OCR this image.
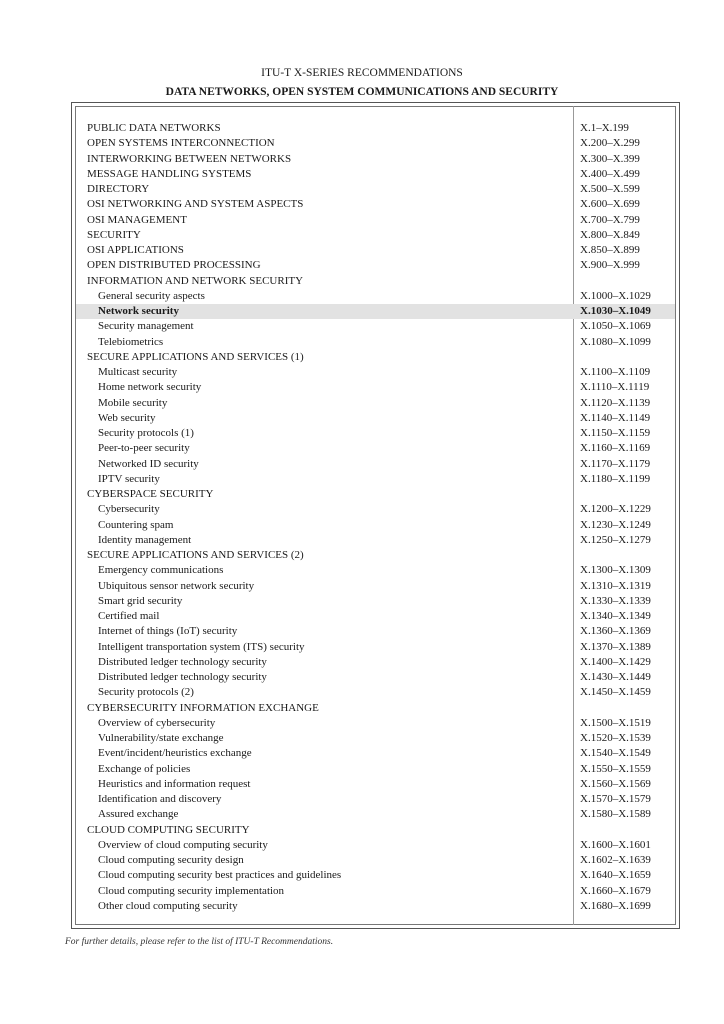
ITU-T X-SERIES RECOMMENDATIONS
DATA NETWORKS, OPEN SYSTEM COMMUNICATIONS AND SECURITY
PUBLIC DATA NETWORKS	X.1–X.199
OPEN SYSTEMS INTERCONNECTION	X.200–X.299
INTERWORKING BETWEEN NETWORKS	X.300–X.399
MESSAGE HANDLING SYSTEMS	X.400–X.499
DIRECTORY	X.500–X.599
OSI NETWORKING AND SYSTEM ASPECTS	X.600–X.699
OSI MANAGEMENT	X.700–X.799
SECURITY	X.800–X.849
OSI APPLICATIONS	X.850–X.899
OPEN DISTRIBUTED PROCESSING	X.900–X.999
INFORMATION AND NETWORK SECURITY
General security aspects	X.1000–X.1029
Network security	X.1030–X.1049
Security management	X.1050–X.1069
Telebiometrics	X.1080–X.1099
SECURE APPLICATIONS AND SERVICES (1)
Multicast security	X.1100–X.1109
Home network security	X.1110–X.1119
Mobile security	X.1120–X.1139
Web security	X.1140–X.1149
Security protocols (1)	X.1150–X.1159
Peer-to-peer security	X.1160–X.1169
Networked ID security	X.1170–X.1179
IPTV security	X.1180–X.1199
CYBERSPACE SECURITY
Cybersecurity	X.1200–X.1229
Countering spam	X.1230–X.1249
Identity management	X.1250–X.1279
SECURE APPLICATIONS AND SERVICES (2)
Emergency communications	X.1300–X.1309
Ubiquitous sensor network security	X.1310–X.1319
Smart grid security	X.1330–X.1339
Certified mail	X.1340–X.1349
Internet of things (IoT) security	X.1360–X.1369
Intelligent transportation system (ITS) security	X.1370–X.1389
Distributed ledger technology security	X.1400–X.1429
Distributed ledger technology security	X.1430–X.1449
Security protocols (2)	X.1450–X.1459
CYBERSECURITY INFORMATION EXCHANGE
Overview of cybersecurity	X.1500–X.1519
Vulnerability/state exchange	X.1520–X.1539
Event/incident/heuristics exchange	X.1540–X.1549
Exchange of policies	X.1550–X.1559
Heuristics and information request	X.1560–X.1569
Identification and discovery	X.1570–X.1579
Assured exchange	X.1580–X.1589
CLOUD COMPUTING SECURITY
Overview of cloud computing security	X.1600–X.1601
Cloud computing security design	X.1602–X.1639
Cloud computing security best practices and guidelines	X.1640–X.1659
Cloud computing security implementation	X.1660–X.1679
Other cloud computing security	X.1680–X.1699
For further details, please refer to the list of ITU-T Recommendations.
